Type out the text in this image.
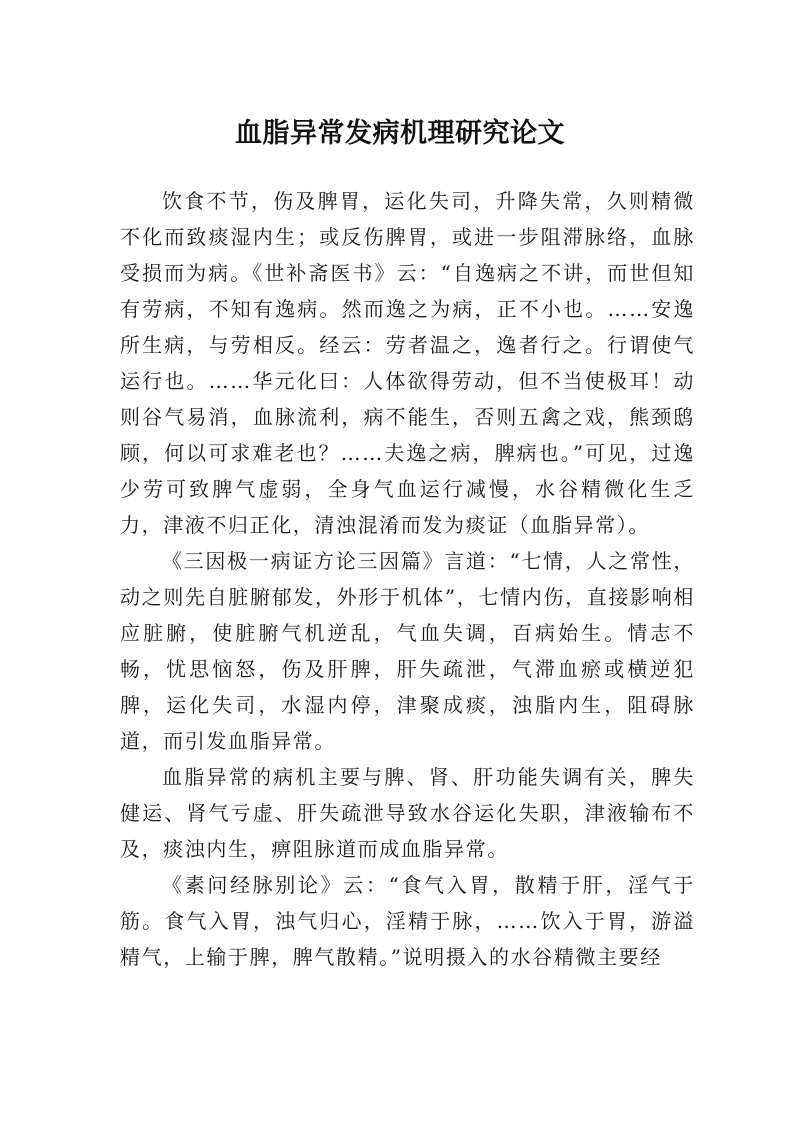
血脂异常发病机理研究论文

饮食不节，伤及脾胃，运化失司，升降失常，久则精微不化而致痰湿内生；或反伤脾胃，或进一步阻滞脉络，血脉受损而为病。《世补斋医书》云：“自逸病之不讲，而世但知有劳病，不知有逸病。然而逸之为病，正不小也。……安逸所生病，与劳相反。经云：劳者温之，逸者行之。行谓使气运行也。……华元化曰：人体欲得劳动，但不当使极耳！动则谷气易消，血脉流利，病不能生，否则五禽之戏，熊颈鸱顾，何以可求难老也？……夫逸之病，脾病也。”可见，过逸少劳可致脾气虚弱，全身气血运行减慢，水谷精微化生乏力，津液不归正化，清浊混淆而发为痰证（血脂异常）。

《三因极一病证方论三因篇》言道：“七情，人之常性，动之则先自脏腑郁发，外形于机体”，七情内伤，直接影响相应脏腑，使脏腑气机逆乱，气血失调，百病始生。情志不畅，忧思恼怒，伤及肝脾，肝失疏泄，气滞血瘀或横逆犯脾，运化失司，水湿内停，津聚成痰，浊脂内生，阻碍脉道，而引发血脂异常。

血脂异常的病机主要与脾、肾、肝功能失调有关，脾失健运、肾气亏虚、肝失疏泄导致水谷运化失职，津液输布不及，痰浊内生，痹阻脉道而成血脂异常。

《素问经脉别论》云：“食气入胃，散精于肝，淫气于筋。食气入胃，浊气归心，淫精于脉，……饮入于胃，游溢精气，上输于脾，脾气散精。”说明摄入的水谷精微主要经
